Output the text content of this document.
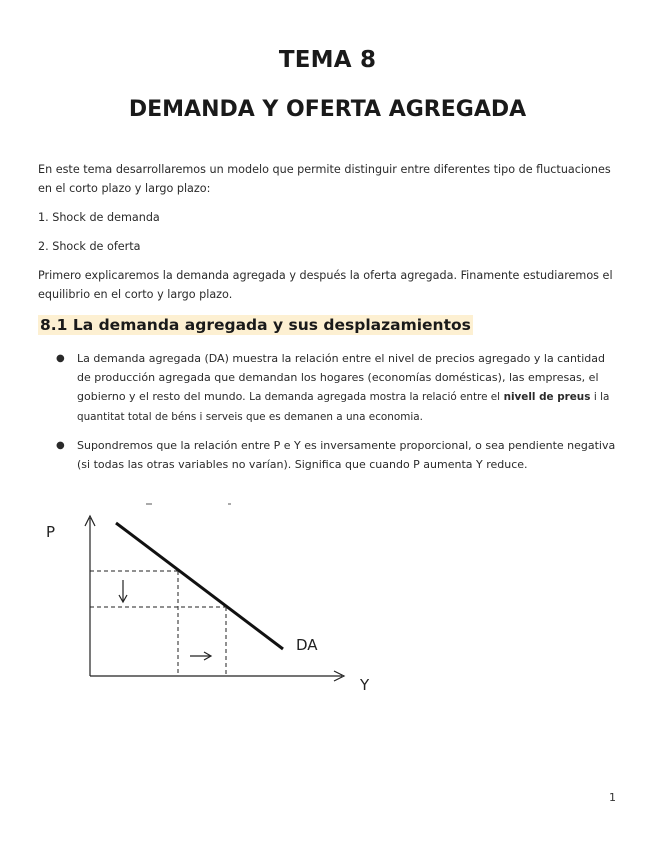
TEMA 8
DEMANDA Y OFERTA AGREGADA

En este tema desarrollaremos un modelo que permite distinguir entre diferentes tipo de fluctuaciones en el corto plazo y largo plazo:

1. Shock de demanda

2. Shock de oferta

Primero explicaremos la demanda agregada y después la oferta agregada. Finamente estudiaremos el equilibrio en el corto y largo plazo.

8.1 La demanda agregada y sus desplazamientos
● La demanda agregada (DA) muestra la relación entre el nivel de precios agregado y la cantidad de producción agregada que demandan los hogares (economías domésticas), las empresas, el gobierno y el resto del mundo. La demanda agregada mostra la relació entre el nivell de preus i la quantitat total de béns i serveis que es demanen a una economia.
● Supondremos que la relación entre P e Y es inversamente proporcional, o sea pendiente negativa (si todas las otras variables no varían). Significa que cuando P aumenta Y reduce.
P
Y
DA
1
